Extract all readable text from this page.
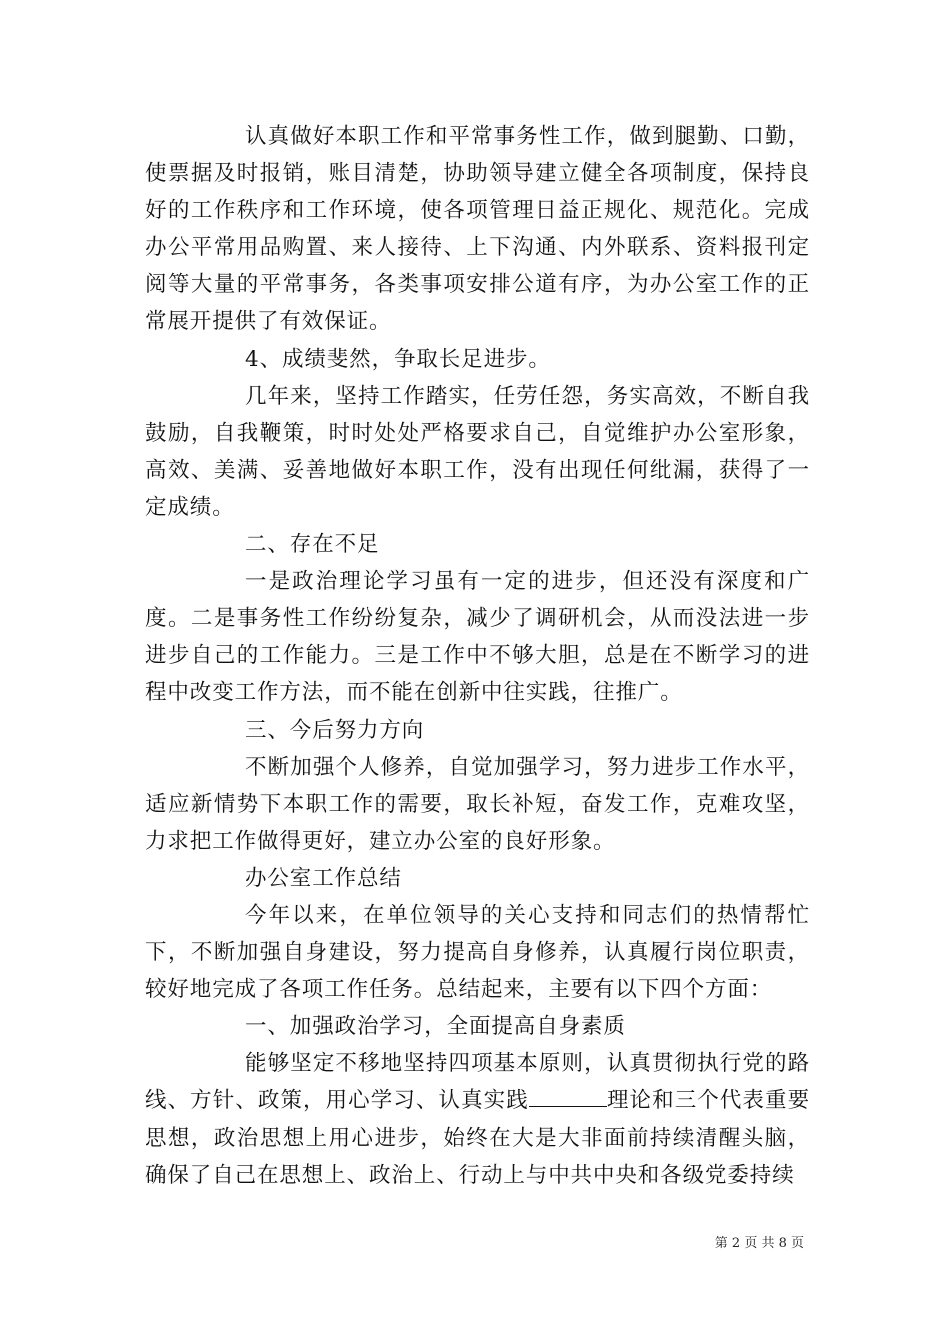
认真做好本职工作和平常事务性工作，做到腿勤、口勤，使票据及时报销，账目清楚，协助领导建立健全各项制度，保持良好的工作秩序和工作环境，使各项管理日益正规化、规范化。完成办公平常用品购置、来人接待、上下沟通、内外联系、资料报刊定阅等大量的平常事务，各类事项安排公道有序，为办公室工作的正常展开提供了有效保证。

4、成绩斐然，争取长足进步。

几年来，坚持工作踏实，任劳任怨，务实高效，不断自我鼓励，自我鞭策，时时处处严格要求自己，自觉维护办公室形象，高效、美满、妥善地做好本职工作，没有出现任何纰漏，获得了一定成绩。

二、存在不足

一是政治理论学习虽有一定的进步，但还没有深度和广度。二是事务性工作纷纷复杂，减少了调研机会，从而没法进一步进步自己的工作能力。三是工作中不够大胆，总是在不断学习的进程中改变工作方法，而不能在创新中往实践，往推广。

三、今后努力方向

不断加强个人修养，自觉加强学习，努力进步工作水平，适应新情势下本职工作的需要，取长补短，奋发工作，克难攻坚，力求把工作做得更好，建立办公室的良好形象。

办公室工作总结

今年以来，在单位领导的关心支持和同志们的热情帮忙下，不断加强自身建设，努力提高自身修养，认真履行岗位职责，较好地完成了各项工作任务。总结起来，主要有以下四个方面：

一、加强政治学习，全面提高自身素质

能够坚定不移地坚持四项基本原则，认真贯彻执行党的路线、方针、政策，用心学习、认真实践	理论和三个代表重要思想，政治思想上用心进步，始终在大是大非面前持续清醒头脑，确保了自己在思想上、政治上、行动上与中共中央和各级党委持续

第 2 页 共 8 页
